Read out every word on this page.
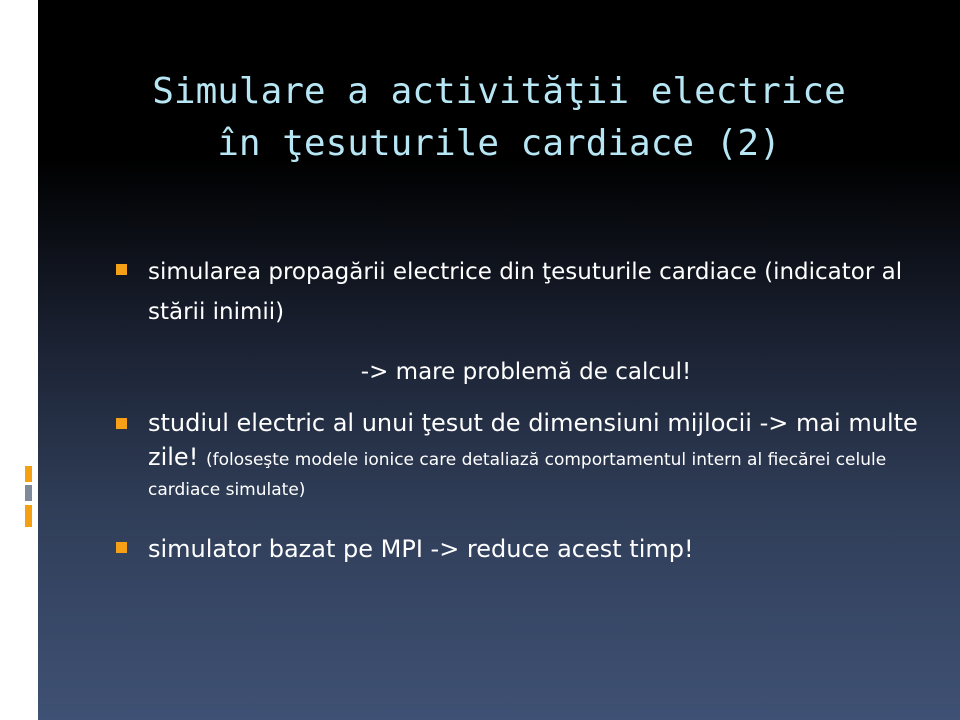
Simulare a activităţii electrice
în ţesuturile cardiace (2)
simularea propagării electrice din ţesuturile cardiace (indicator al stării inimii)
-> mare problemă de calcul!
studiul electric al unui ţesut de dimensiuni mijlocii -> mai multe zile! (foloseşte modele ionice care detaliază comportamentul intern al fiecărei celule cardiace simulate)
simulator bazat pe MPI -> reduce acest timp!
